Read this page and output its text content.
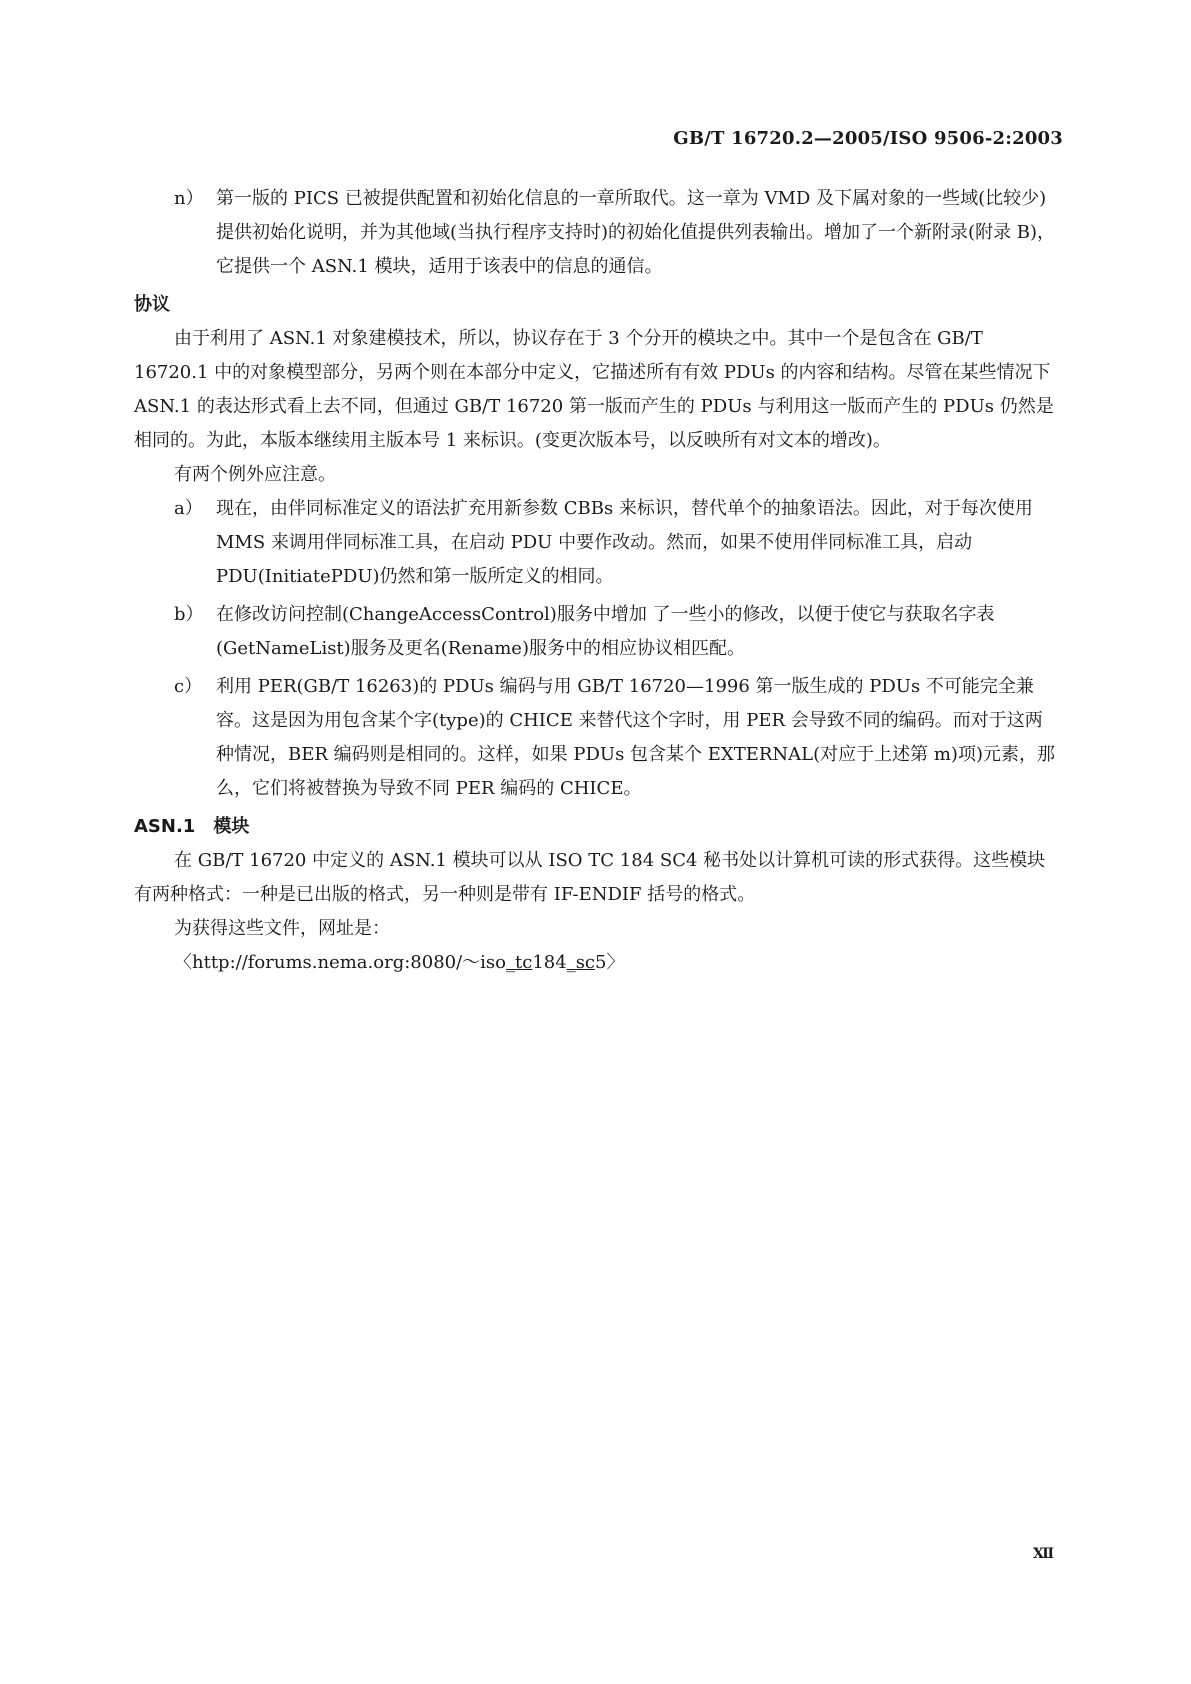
GB/T 16720.2—2005/ISO 9506-2:2003
n） 第一版的 PICS 已被提供配置和初始化信息的一章所取代。这一章为 VMD 及下属对象的一些域(比较少)提供初始化说明，并为其他域(当执行程序支持时)的初始化值提供列表输出。增加了一个新附录(附录 B)，它提供一个 ASN.1 模块，适用于该表中的信息的通信。
协议

由于利用了 ASN.1 对象建模技术，所以，协议存在于 3 个分开的模块之中。其中一个是包含在 GB/T 16720.1 中的对象模型部分，另两个则在本部分中定义，它描述所有有效 PDUs 的内容和结构。尽管在某些情况下 ASN.1 的表达形式看上去不同，但通过 GB/T 16720 第一版而产生的 PDUs 与利用这一版而产生的 PDUs 仍然是相同的。为此，本版本继续用主版本号 1 来标识。(变更次版本号，以反映所有对文本的增改)。

有两个例外应注意。

a） 现在，由伴同标准定义的语法扩充用新参数 CBBs 来标识，替代单个的抽象语法。因此，对于每次使用 MMS 来调用伴同标准工具，在启动 PDU 中要作改动。然而，如果不使用伴同标准工具，启动 PDU(InitiatePDU)仍然和第一版所定义的相同。
b） 在修改访问控制(ChangeAccessControl)服务中增加 了一些小的修改，以便于使它与获取名字表(GetNameList)服务及更名(Rename)服务中的相应协议相匹配。
c） 利用 PER(GB/T 16263)的 PDUs 编码与用 GB/T 16720—1996 第一版生成的 PDUs 不可能完全兼容。这是因为用包含某个字(type)的 CHICE 来替代这个字时，用 PER 会导致不同的编码。而对于这两种情况，BER 编码则是相同的。这样，如果 PDUs 包含某个 EXTERNAL(对应于上述第 m)项)元素，那么，它们将被替换为导致不同 PER 编码的 CHICE。
ASN.1　模块

在 GB/T 16720 中定义的 ASN.1 模块可以从 ISO TC 184 SC4 秘书处以计算机可读的形式获得。这些模块有两种格式：一种是已出版的格式，另一种则是带有 IF-ENDIF 括号的格式。

为获得这些文件，网址是：

〈http://forums.nema.org:8080/～iso_tc184_sc5〉
Ⅻ
